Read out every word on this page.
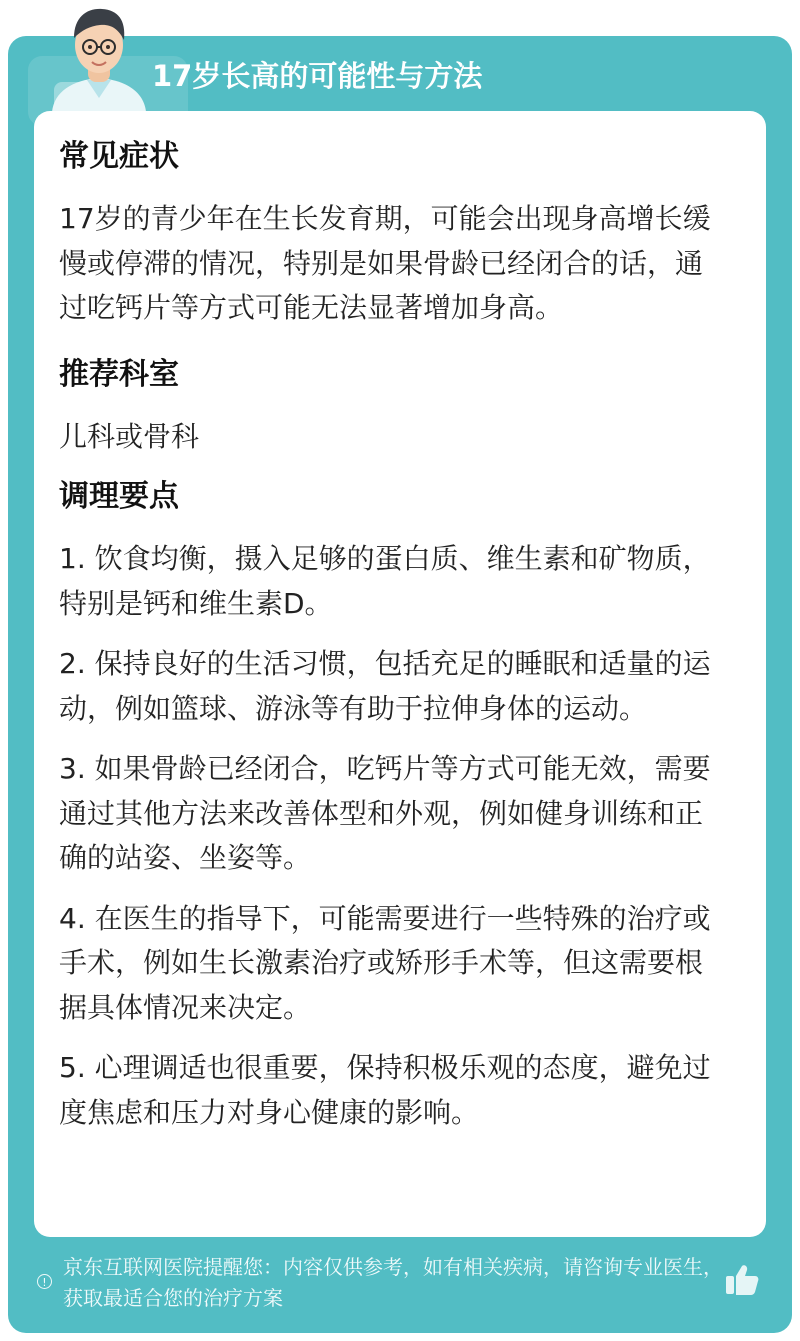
17岁长高的可能性与方法
常见症状

17岁的青少年在生长发育期，可能会出现身高增长缓慢或停滞的情况，特别是如果骨龄已经闭合的话，通过吃钙片等方式可能无法显著增加身高。

推荐科室

儿科或骨科

调理要点

1. 饮食均衡，摄入足够的蛋白质、维生素和矿物质，特别是钙和维生素D。

2. 保持良好的生活习惯，包括充足的睡眠和适量的运动，例如篮球、游泳等有助于拉伸身体的运动。

3. 如果骨龄已经闭合，吃钙片等方式可能无效，需要通过其他方法来改善体型和外观，例如健身训练和正确的站姿、坐姿等。

4. 在医生的指导下，可能需要进行一些特殊的治疗或手术，例如生长激素治疗或矫形手术等，但这需要根据具体情况来决定。

5. 心理调适也很重要，保持积极乐观的态度，避免过度焦虑和压力对身心健康的影响。

!
京东互联网医院提醒您：内容仅供参考，如有相关疾病，请咨询专业医生，获取最适合您的治疗方案
